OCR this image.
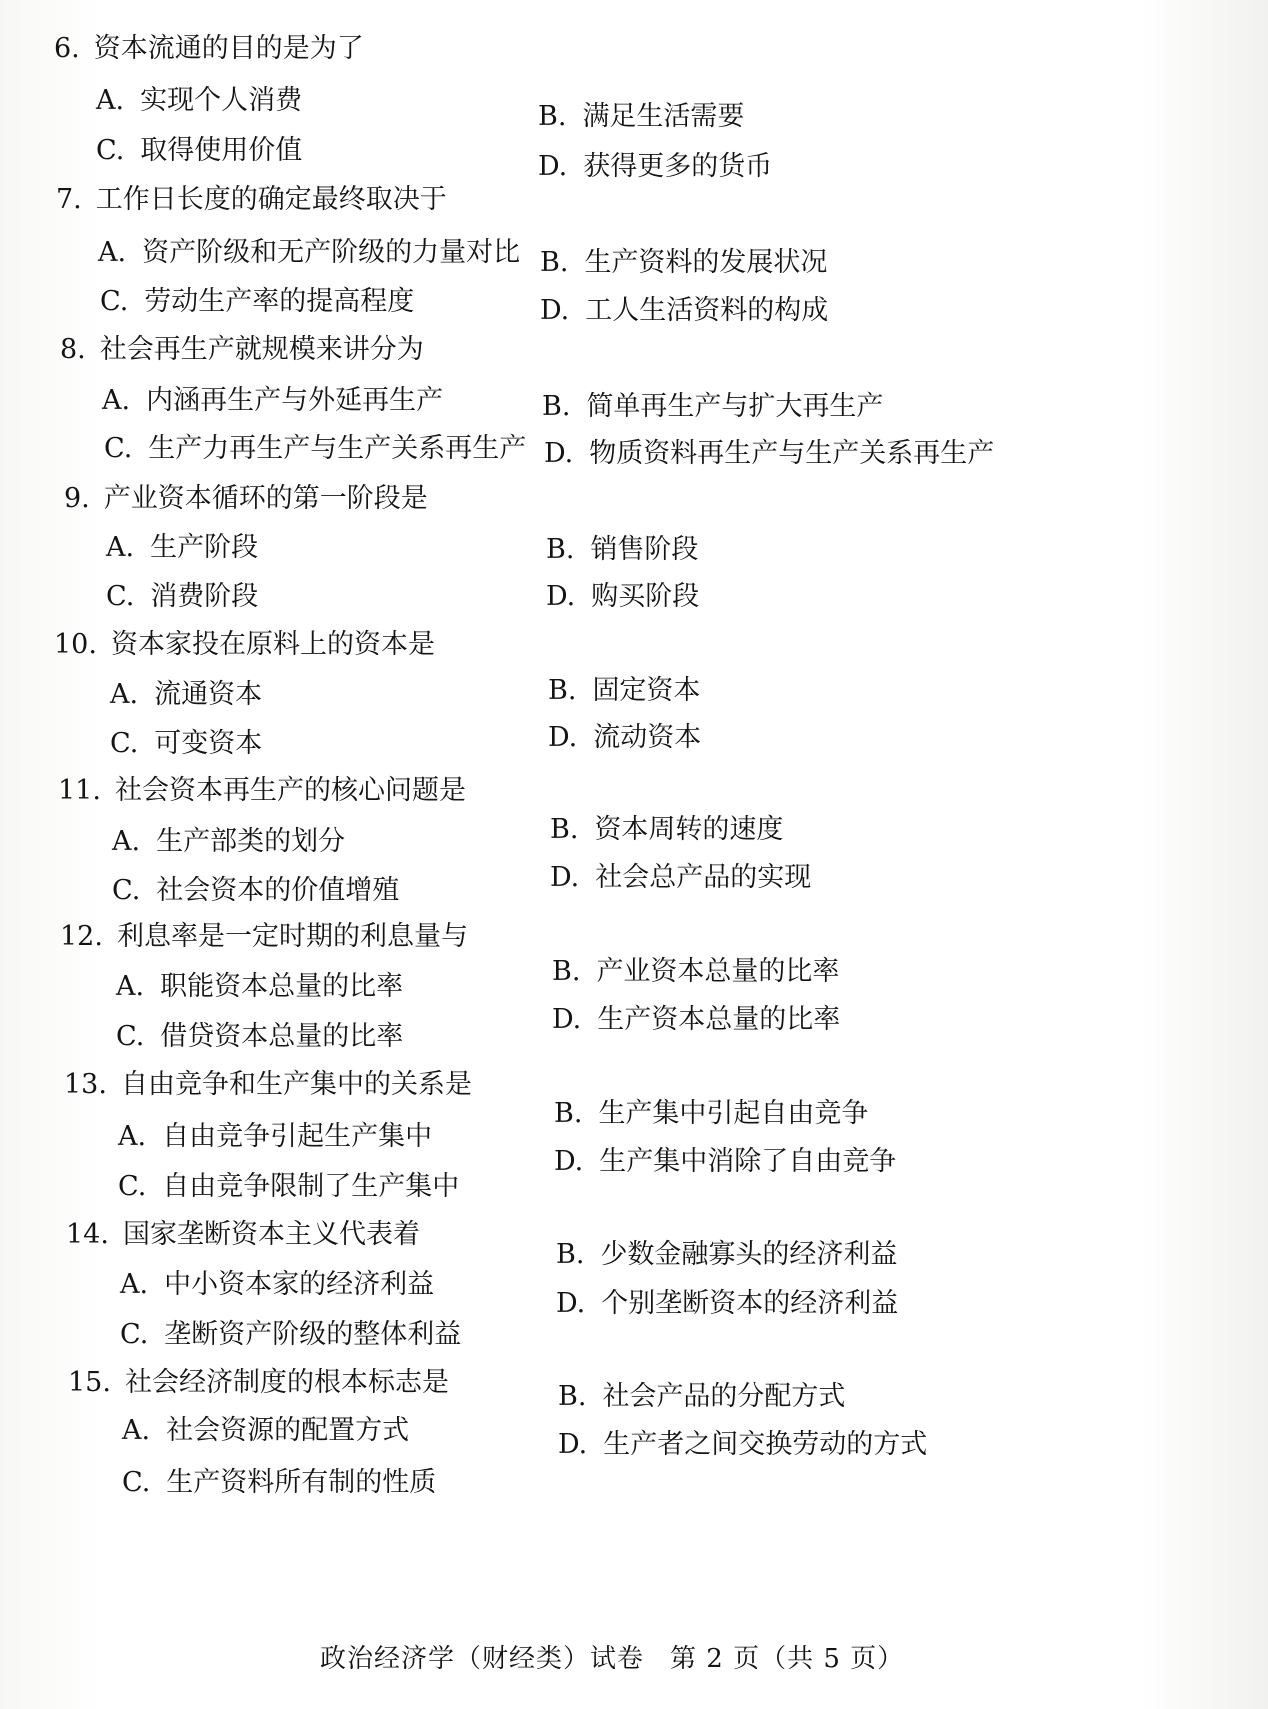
6. 资本流通的目的是为了
A. 实现个人消费
B. 满足生活需要
C. 取得使用价值
D. 获得更多的货币
7. 工作日长度的确定最终取决于
A. 资产阶级和无产阶级的力量对比 B. 生产资料的发展状况
C. 劳动生产率的提高程度	D. 工人生活资料的构成
8. 社会再生产就规模来讲分为
A. 内涵再生产与外延再生产	B. 简单再生产与扩大再生产
C. 生产力再生产与生产关系再生产 D. 物质资料再生产与生产关系再生产
9. 产业资本循环的第一阶段是
A. 生产阶段	B. 销售阶段
C. 消费阶段	D. 购买阶段
10. 资本家投在原料上的资本是
A. 流通资本	B. 固定资本
C. 可变资本	D. 流动资本
11. 社会资本再生产的核心问题是
A. 生产部类的划分	B. 资本周转的速度
C. 社会资本的价值增殖	D. 社会总产品的实现
12. 利息率是一定时期的利息量与
A. 职能资本总量的比率	B. 产业资本总量的比率
C. 借贷资本总量的比率
D. 生产资本总量的比率
13. 自由竞争和生产集中的关系是
A. 自由竞争引起生产集中
B. 生产集中引起自由竞争
C. 自由竞争限制了生产集中
D. 生产集中消除了自由竞争
14. 国家垄断资本主义代表着
A. 中小资本家的经济利益
B. 少数金融寡头的经济利益
C. 垄断资产阶级的整体利益
D. 个别垄断资本的经济利益
15. 社会经济制度的根本标志是
A. 社会资源的配置方式
B. 社会产品的分配方式
C. 生产资料所有制的性质
D. 生产者之间交换劳动的方式
政治经济学（财经类）试卷 第 2 页（共 5 页）
